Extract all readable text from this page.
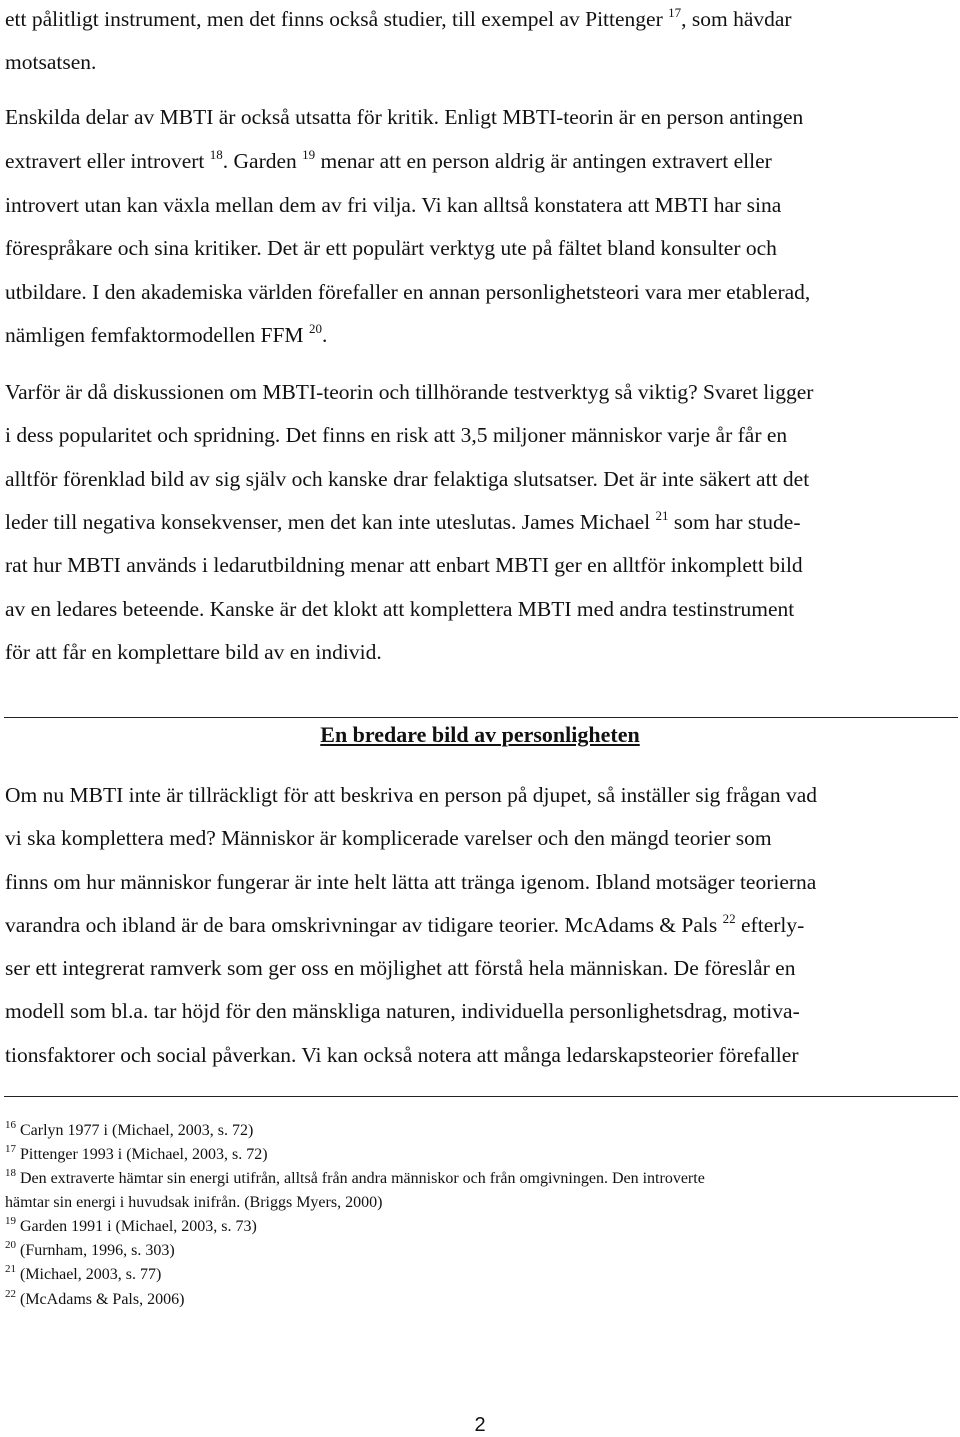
ett pålitligt instrument, men det finns också studier, till exempel av Pittenger $^{17}$, som hävdar
motsatsen.
Enskilda delar av MBTI är också utsatta för kritik. Enligt MBTI-teorin är en person antingen
extravert eller introvert $^{18}$. Garden $^{19}$ menar att en person aldrig är antingen extravert eller
introvert utan kan växla mellan dem av fri vilja. Vi kan alltså konstatera att MBTI har sina
förespråkare och sina kritiker. Det är ett populärt verktyg ute på fältet bland konsulter och
utbildare. I den akademiska världen förefaller en annan personlighetsteori vara mer etablerad,
nämligen femfaktormodellen FFM $^{20}$.
Varför är då diskussionen om MBTI-teorin och tillhörande testverktyg så viktig? Svaret ligger
i dess popularitet och spridning. Det finns en risk att 3,5 miljoner människor varje år får en
alltför förenklad bild av sig själv och kanske drar felaktiga slutsatser. Det är inte säkert att det
leder till negativa konsekvenser, men det kan inte uteslutas. James Michael $^{21}$ som har stude-
rat hur MBTI används i ledarutbildning menar att enbart MBTI ger en alltför inkomplett bild
av en ledares beteende. Kanske är det klokt att komplettera MBTI med andra testinstrument
för att får en komplettare bild av en individ.
En bredare bild av personligheten
Om nu MBTI inte är tillräckligt för att beskriva en person på djupet, så inställer sig frågan vad
vi ska komplettera med? Människor är komplicerade varelser och den mängd teorier som
finns om hur människor fungerar är inte helt lätta att tränga igenom. Ibland motsäger teorierna
varandra och ibland är de bara omskrivningar av tidigare teorier. McAdams & Pals $^{22}$ efterly-
ser ett integrerat ramverk som ger oss en möjlighet att förstå hela människan. De föreslår en
modell som bl.a. tar höjd för den mänskliga naturen, individuella personlighetsdrag, motiva-
tionsfaktorer och social påverkan. Vi kan också notera att många ledarskapsteorier förefaller
$^{16}$ Carlyn 1977 i (Michael, 2003, s. 72)
$^{17}$ Pittenger 1993 i (Michael, 2003, s. 72)
$^{18}$ Den extraverte hämtar sin energi utifrån, alltså från andra människor och från omgivningen. Den introverte
hämtar sin energi i huvudsak inifrån. (Briggs Myers, 2000)
$^{19}$ Garden 1991 i (Michael, 2003, s. 73)
$^{20}$ (Furnham, 1996, s. 303)
$^{21}$ (Michael, 2003, s. 77)
$^{22}$ (McAdams & Pals, 2006)
2
